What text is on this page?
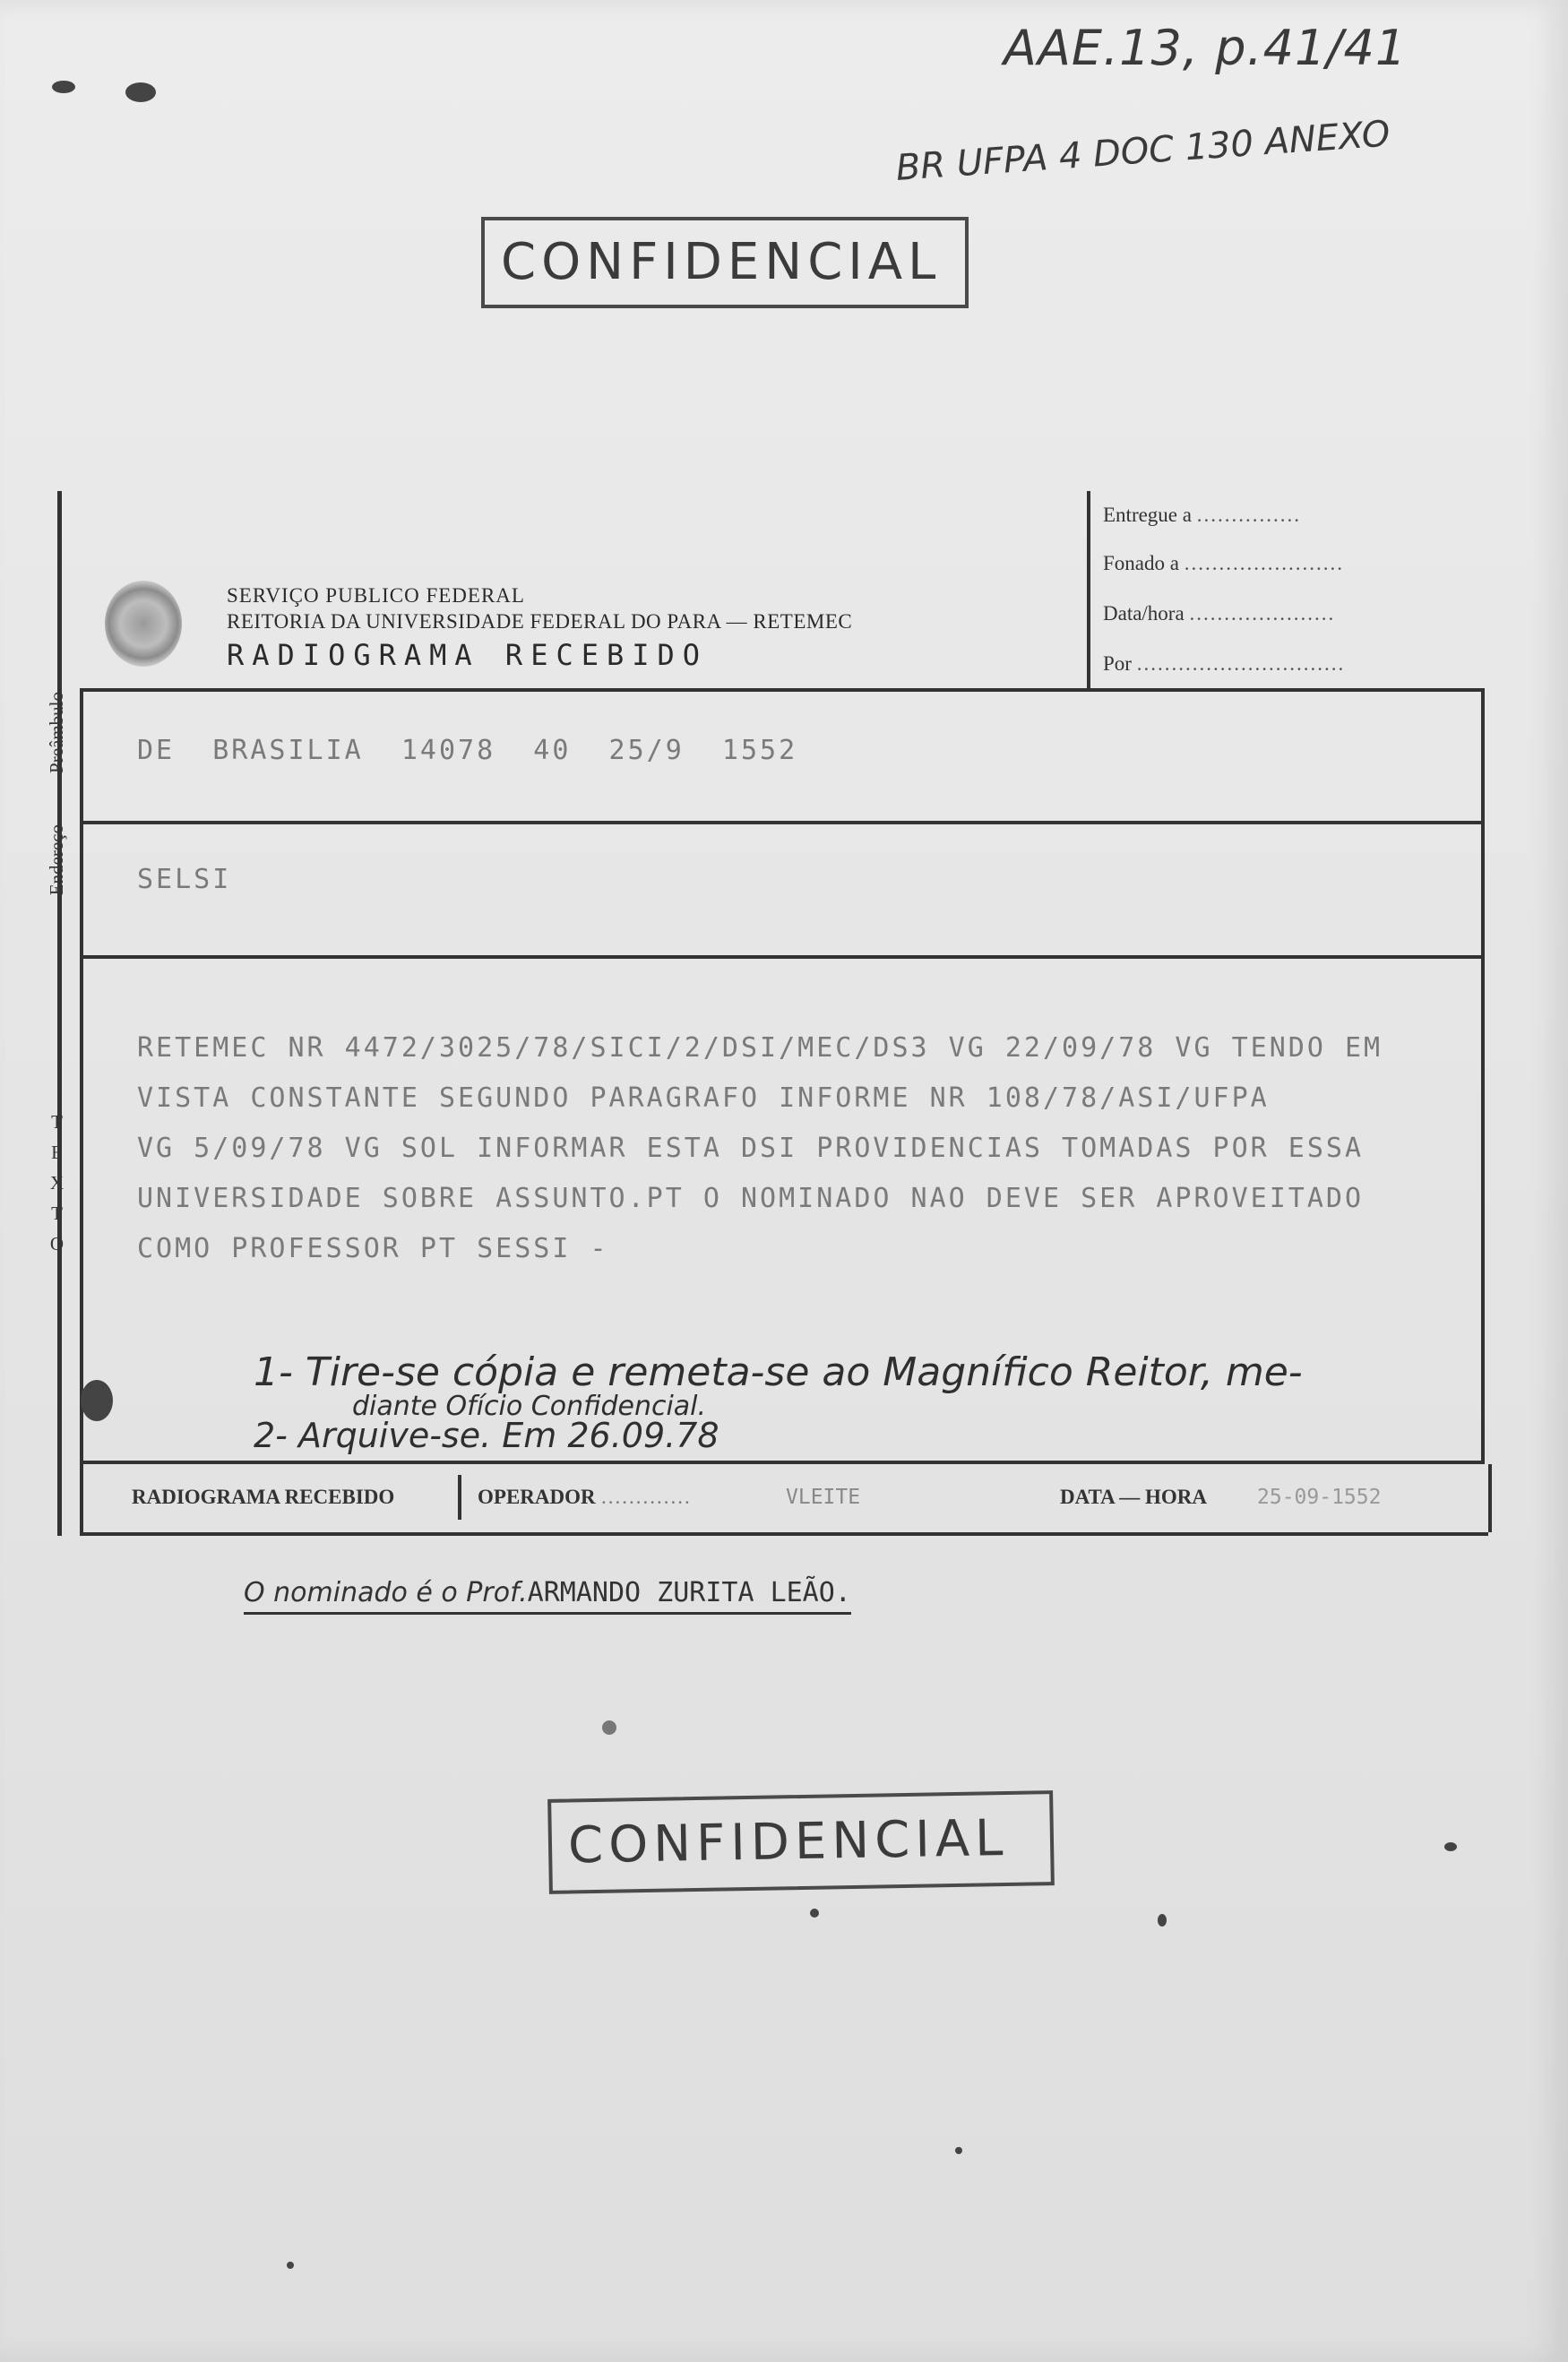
AAE.13, p.41/41
BR UFPA 4 DOC 130 ANEXO
CONFIDENCIAL
SERVIÇO PUBLICO FEDERAL
REITORIA DA UNIVERSIDADE FEDERAL DO PARA — RETEMEC
RADIOGRAMA RECEBIDO
Entregue a ...............
Fonado a .......................
Data/hora .....................
Por ..............................
Preâmbulo	DE  BRASILIA  14078  40  25/9  1552
Endereço	SELSI
TEXTO
RETEMEC NR 4472/3025/78/SICI/2/DSI/MEC/DS3 VG 22/09/78 VG TENDO EM
VISTA CONSTANTE SEGUNDO PARAGRAFO INFORME NR 108/78/ASI/UFPA
VG 5/09/78 VG SOL INFORMAR ESTA DSI PROVIDENCIAS TOMADAS POR ESSA
UNIVERSIDADE SOBRE ASSUNTO.PT O NOMINADO NAO DEVE SER APROVEITADO
COMO PROFESSOR PT SESSI -
1- Tire-se cópia e remeta-se ao Magnífico Reitor, me-
diante Ofício Confidencial.
2- Arquive-se. Em 26.09.78
RADIOGRAMA RECEBIDO	OPERADOR .............	VLEITE	DATA — HORA 25-09-1552
O nominado é o Prof.ARMANDO ZURITA LEÃO.
CONFIDENCIAL
